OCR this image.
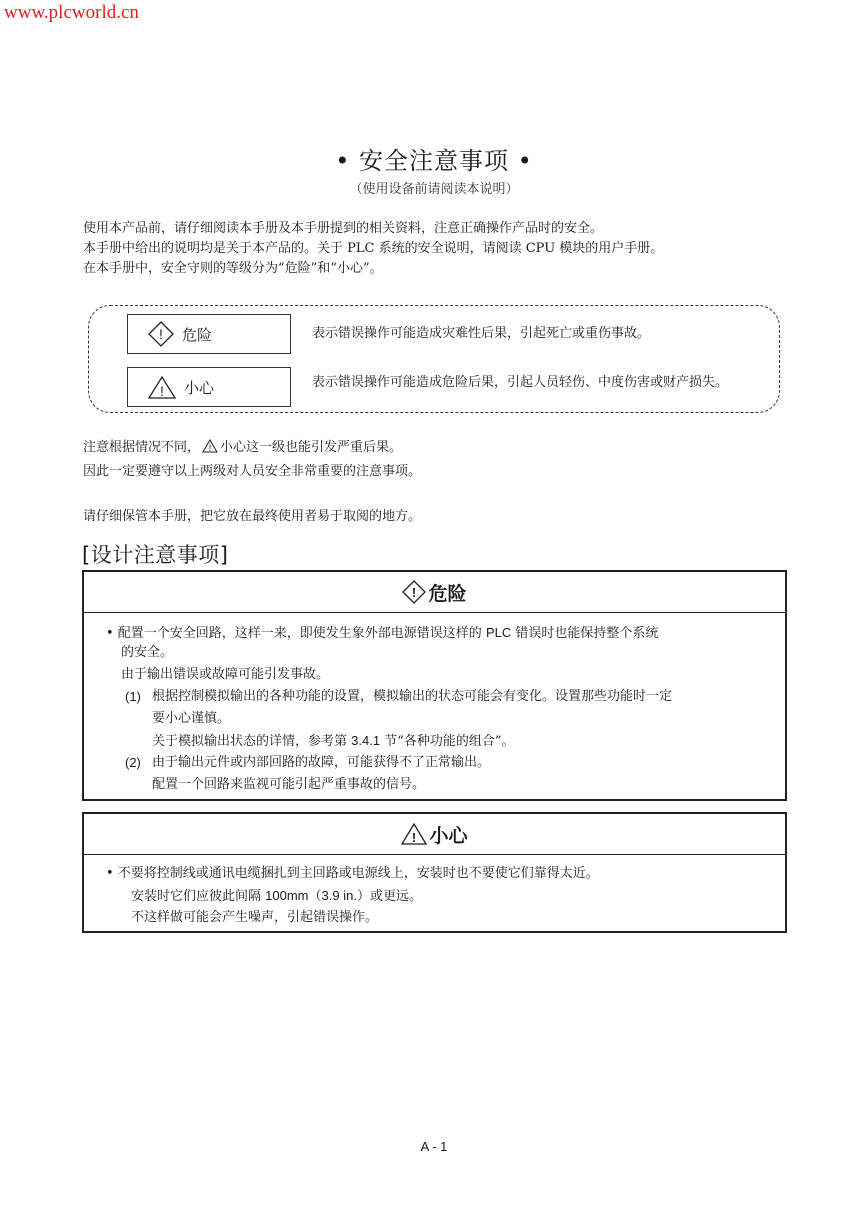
www.plcworld.cn
• 安全注意事项 •
（使用设备前请阅读本说明）
使用本产品前，请仔细阅读本手册及本手册提到的相关资料，注意正确操作产品时的安全。
本手册中给出的说明均是关于本产品的。关于 PLC 系统的安全说明，请阅读 CPU 模块的用户手册。
在本手册中，安全守则的等级分为“危险”和“小心”。
! 危险	表示错误操作可能造成灾难性后果，引起死亡或重伤事故。
! 小心	表示错误操作可能造成危险后果，引起人员轻伤、中度伤害或财产损失。
注意根据情况不同， ! 小心这一级也能引发严重后果。
因此一定要遵守以上两级对人员安全非常重要的注意事项。
请仔细保管本手册，把它放在最终使用者易于取阅的地方。
[设计注意事项]
! 危险
• 配置一个安全回路，这样一来，即使发生象外部电源错误这样的 PLC 错误时也能保持整个系统
的安全。
由于输出错误或故障可能引发事故。
(1) 根据控制模拟输出的各种功能的设置，模拟输出的状态可能会有变化。设置那些功能时一定
要小心谨慎。
关于模拟输出状态的详情，参考第 3.4.1 节“各种功能的组合”。
(2) 由于输出元件或内部回路的故障，可能获得不了正常输出。
配置一个回路来监视可能引起严重事故的信号。
! 小心
• 不要将控制线或通讯电缆捆扎到主回路或电源线上，安装时也不要使它们靠得太近。
安装时它们应彼此间隔 100mm（3.9 in.）或更远。
不这样做可能会产生噪声，引起错误操作。
A - 1
